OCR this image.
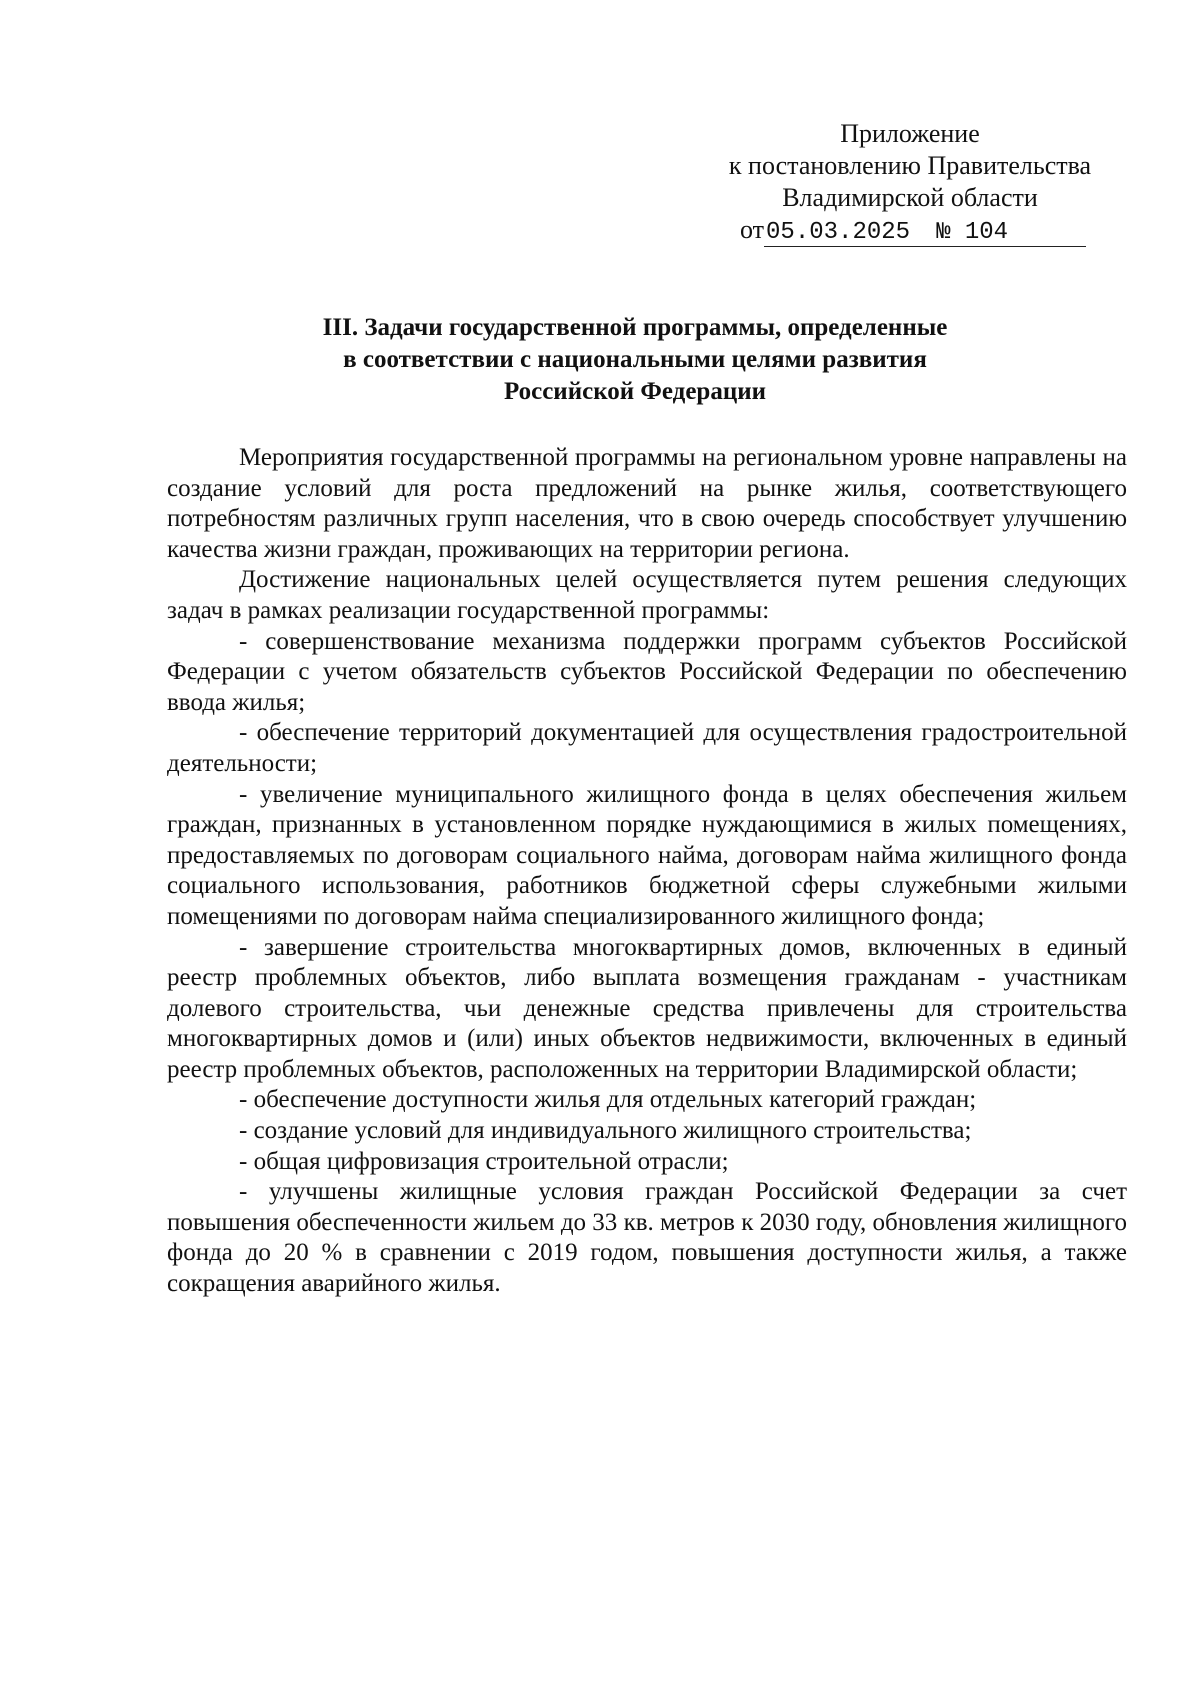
Приложение
к постановлению Правительства
Владимирской области
от05.03.2025 № 104
III. Задачи государственной программы, определенные
в соответствии с национальными целями развития
Российской Федерации

Мероприятия государственной программы на региональном уровне направлены на создание условий для роста предложений на рынке жилья, соответствующего потребностям различных групп населения, что в свою очередь способствует улучшению качества жизни граждан, проживающих на территории региона.

Достижение национальных целей осуществляется путем решения следующих задач в рамках реализации государственной программы:

- совершенствование механизма поддержки программ субъектов Российской Федерации с учетом обязательств субъектов Российской Федерации по обеспечению ввода жилья;

- обеспечение территорий документацией для осуществления градостроительной деятельности;

- увеличение муниципального жилищного фонда в целях обеспечения жильем граждан, признанных в установленном порядке нуждающимися в жилых помещениях, предоставляемых по договорам социального найма, договорам найма жилищного фонда социального использования, работников бюджетной сферы служебными жилыми помещениями по договорам найма специализированного жилищного фонда;

- завершение строительства многоквартирных домов, включенных в единый реестр проблемных объектов, либо выплата возмещения гражданам - участникам долевого строительства, чьи денежные средства привлечены для строительства многоквартирных домов и (или) иных объектов недвижимости, включенных в единый реестр проблемных объектов, расположенных на территории Владимирской области;

- обеспечение доступности жилья для отдельных категорий граждан;

- создание условий для индивидуального жилищного строительства;

- общая цифровизация строительной отрасли;

- улучшены жилищные условия граждан Российской Федерации за счет повышения обеспеченности жильем до 33 кв. метров к 2030 году, обновления жилищного фонда до 20 % в сравнении с 2019 годом, повышения доступности жилья, а также сокращения аварийного жилья.
